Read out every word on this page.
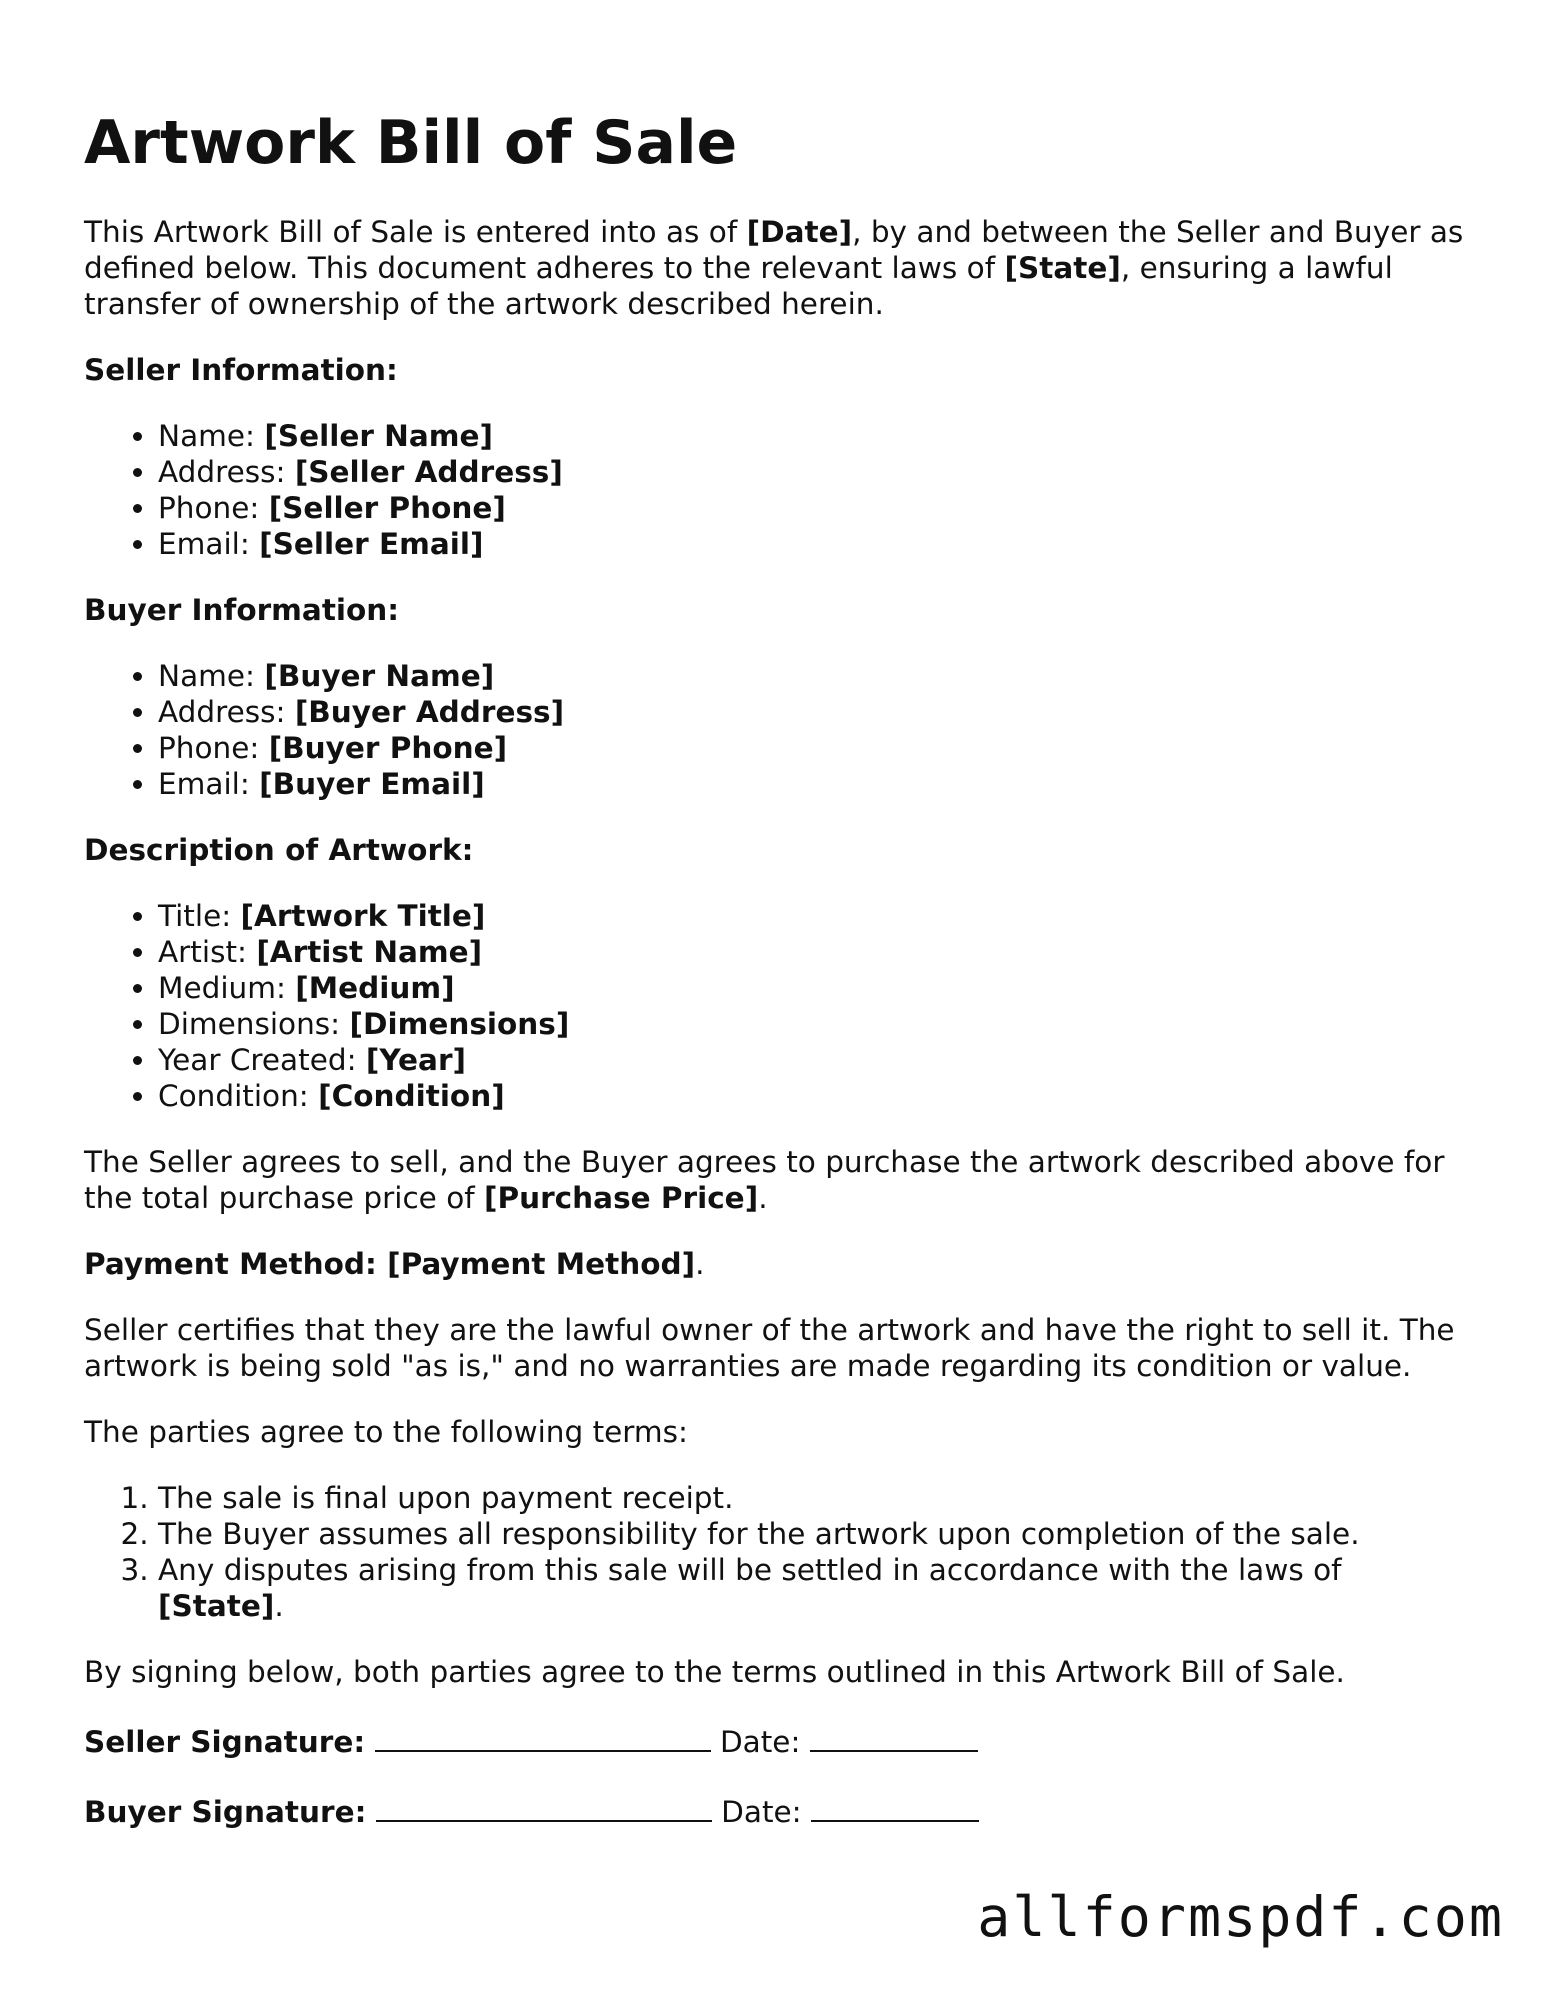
Artwork Bill of Sale

This Artwork Bill of Sale is entered into as of [Date], by and between the Seller and Buyer as defined below. This document adheres to the relevant laws of [State], ensuring a lawful transfer of ownership of the artwork described herein.

Seller Information:
• Name: [Seller Name]
• Address: [Seller Address]
• Phone: [Seller Phone]
• Email: [Seller Email]
Buyer Information:
• Name: [Buyer Name]
• Address: [Buyer Address]
• Phone: [Buyer Phone]
• Email: [Buyer Email]
Description of Artwork:
• Title: [Artwork Title]
• Artist: [Artist Name]
• Medium: [Medium]
• Dimensions: [Dimensions]
• Year Created: [Year]
• Condition: [Condition]

The Seller agrees to sell, and the Buyer agrees to purchase the artwork described above for the total purchase price of [Purchase Price].

Payment Method: [Payment Method].

Seller certifies that they are the lawful owner of the artwork and have the right to sell it. The artwork is being sold "as is," and no warranties are made regarding its condition or value.

The parties agree to the following terms:

1. The sale is final upon payment receipt.
2. The Buyer assumes all responsibility for the artwork upon completion of the sale.
3. Any disputes arising from this sale will be settled in accordance with the laws of [State].

By signing below, both parties agree to the terms outlined in this Artwork Bill of Sale.

Seller Signature:	Date:
Buyer Signature:	Date:
allformspdf.com
